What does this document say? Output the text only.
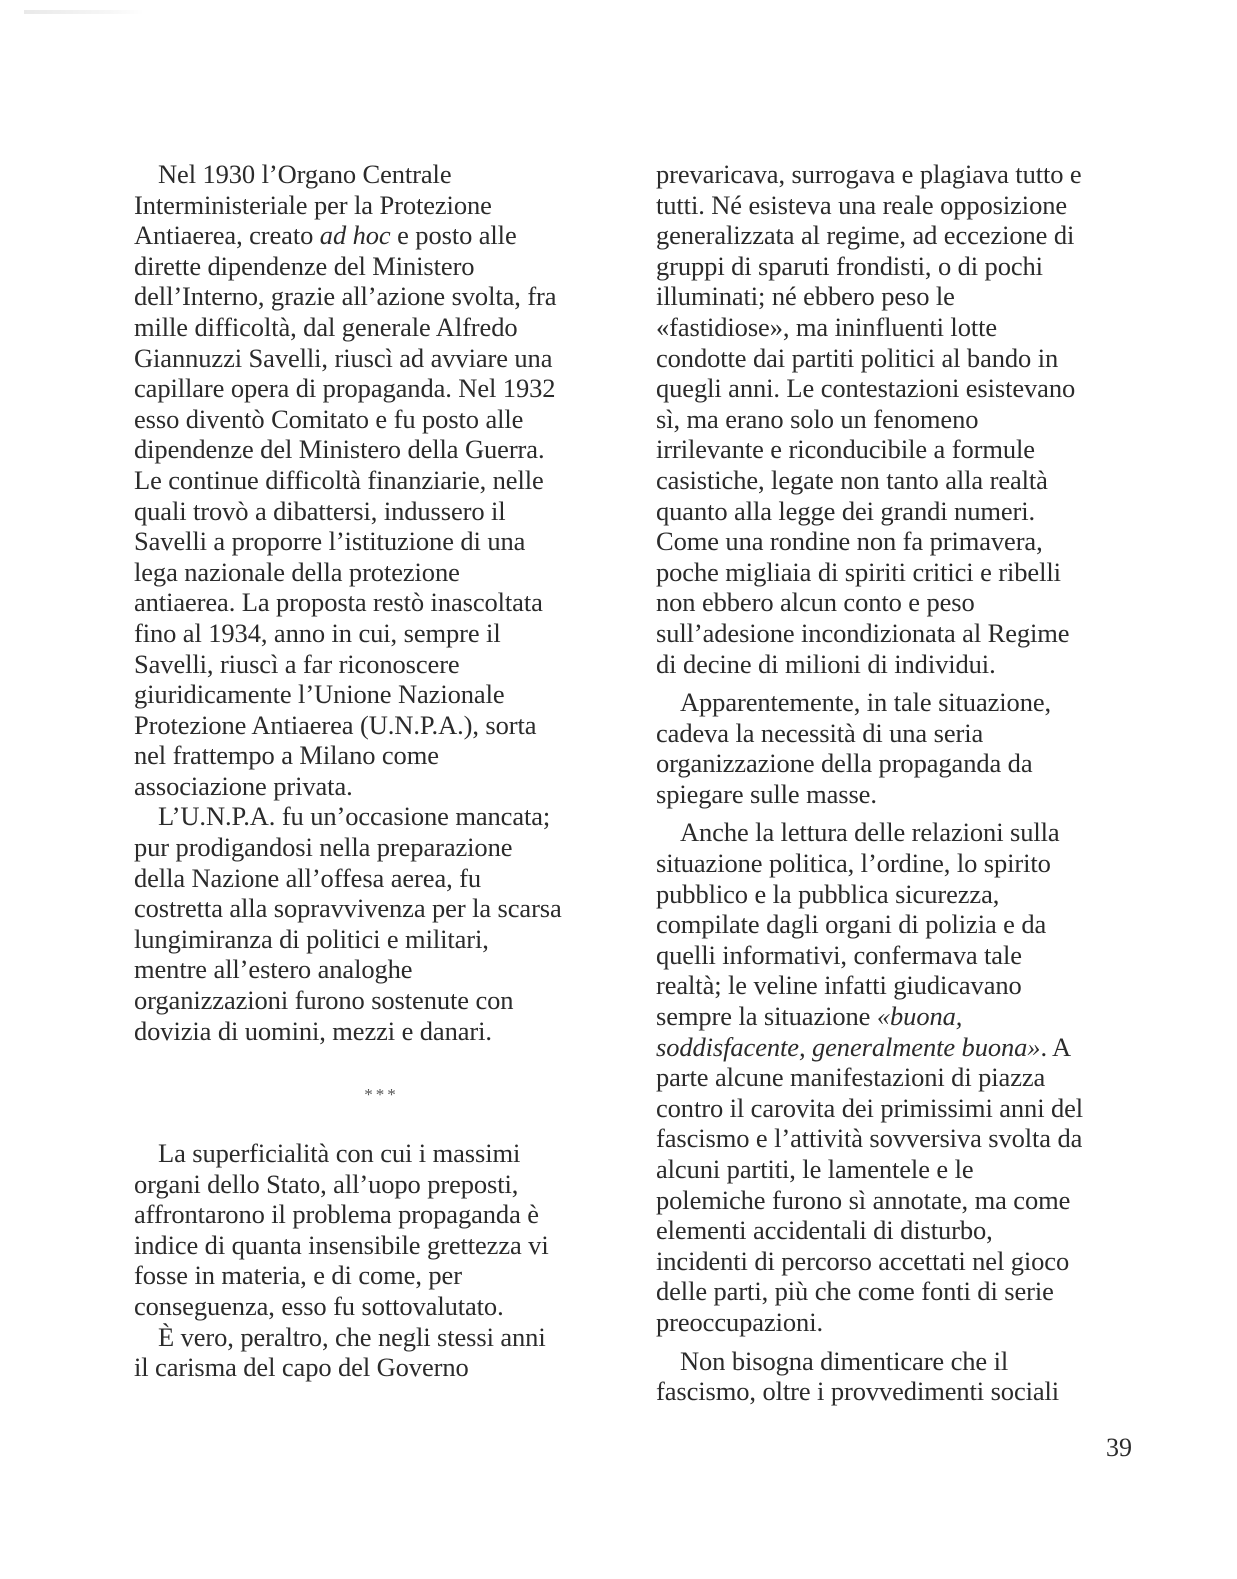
Nel 1930 l’Organo Centrale
Interministeriale per la Protezione
Antiaerea, creato ad hoc e posto alle
dirette dipendenze del Ministero
dell’Interno, grazie all’azione svolta, fra
mille difficoltà, dal generale Alfredo
Giannuzzi Savelli, riuscì ad avviare una
capillare opera di propaganda. Nel 1932
esso diventò Comitato e fu posto alle
dipendenze del Ministero della Guerra.
Le continue difficoltà finanziarie, nelle
quali trovò a dibattersi, indussero il
Savelli a proporre l’istituzione di una
lega nazionale della protezione
antiaerea. La proposta restò inascoltata
fino al 1934, anno in cui, sempre il
Savelli, riuscì a far riconoscere
giuridicamente l’Unione Nazionale
Protezione Antiaerea (U.N.P.A.), sorta
nel frattempo a Milano come
associazione privata.
L’U.N.P.A. fu un’occasione mancata;
pur prodigandosi nella preparazione
della Nazione all’offesa aerea, fu
costretta alla sopravvivenza per la scarsa
lungimiranza di politici e militari,
mentre all’estero analoghe
organizzazioni furono sostenute con
dovizia di uomini, mezzi e danari.
***
La superficialità con cui i massimi
organi dello Stato, all’uopo preposti,
affrontarono il problema propaganda è
indice di quanta insensibile grettezza vi
fosse in materia, e di come, per
conseguenza, esso fu sottovalutato.
È vero, peraltro, che negli stessi anni
il carisma del capo del Governo
prevaricava, surrogava e plagiava tutto e
tutti. Né esisteva una reale opposizione
generalizzata al regime, ad eccezione di
gruppi di sparuti frondisti, o di pochi
illuminati; né ebbero peso le
«fastidiose», ma ininfluenti lotte
condotte dai partiti politici al bando in
quegli anni. Le contestazioni esistevano
sì, ma erano solo un fenomeno
irrilevante e riconducibile a formule
casistiche, legate non tanto alla realtà
quanto alla legge dei grandi numeri.
Come una rondine non fa primavera,
poche migliaia di spiriti critici e ribelli
non ebbero alcun conto e peso
sull’adesione incondizionata al Regime
di decine di milioni di individui.
Apparentemente, in tale situazione,
cadeva la necessità di una seria
organizzazione della propaganda da
spiegare sulle masse.
Anche la lettura delle relazioni sulla
situazione politica, l’ordine, lo spirito
pubblico e la pubblica sicurezza,
compilate dagli organi di polizia e da
quelli informativi, confermava tale
realtà; le veline infatti giudicavano
sempre la situazione «buona,
soddisfacente, generalmente buona». A
parte alcune manifestazioni di piazza
contro il carovita dei primissimi anni del
fascismo e l’attività sovversiva svolta da
alcuni partiti, le lamentele e le
polemiche furono sì annotate, ma come
elementi accidentali di disturbo,
incidenti di percorso accettati nel gioco
delle parti, più che come fonti di serie
preoccupazioni.
Non bisogna dimenticare che il
fascismo, oltre i provvedimenti sociali
39
